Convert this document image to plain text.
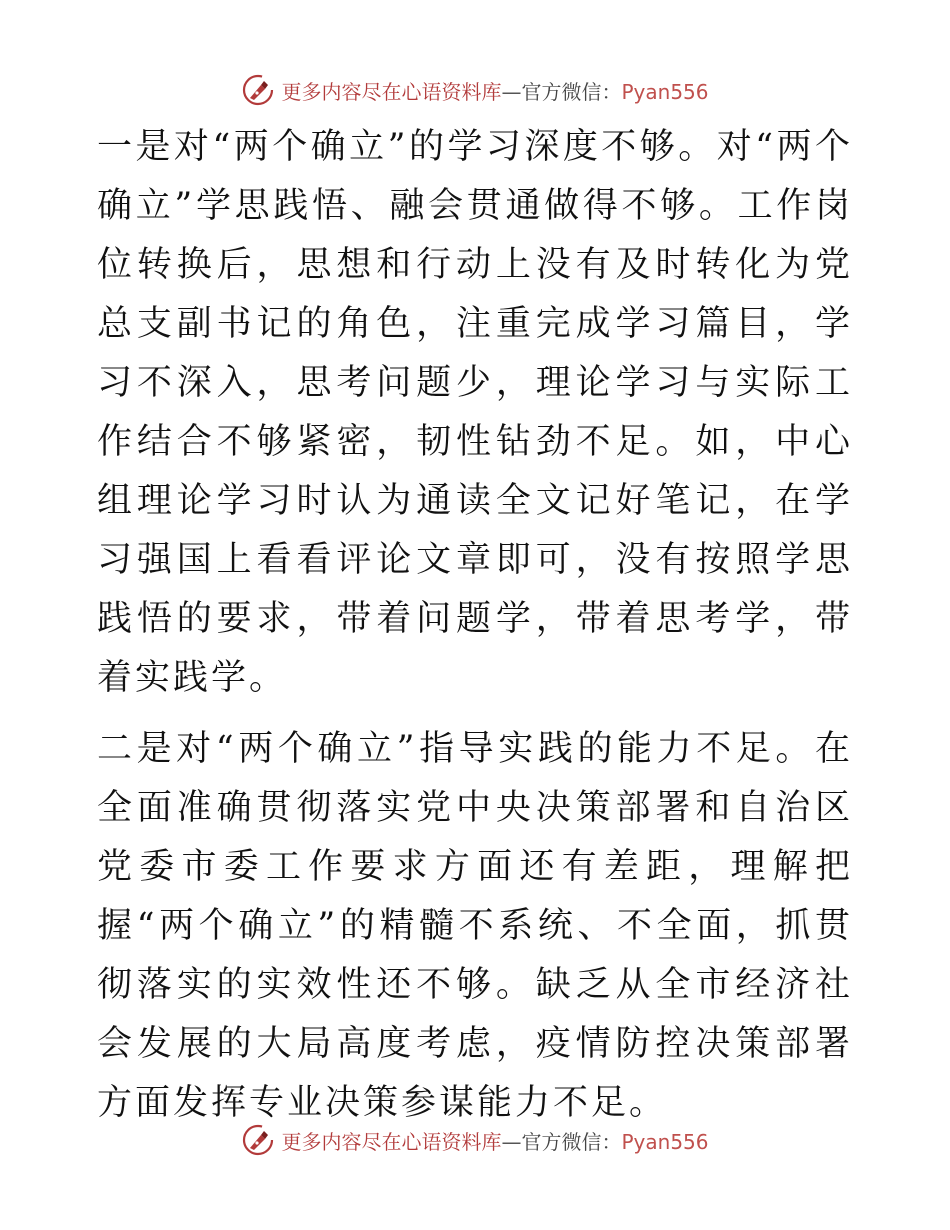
更多内容尽在心语资料库—官方微信：Pyan556

一是对“两个确立”的学习深度不够。对“两个确立”学思践悟、融会贯通做得不够。工作岗位转换后，思想和行动上没有及时转化为党总支副书记的角色，注重完成学习篇目，学习不深入，思考问题少，理论学习与实际工作结合不够紧密，韧性钻劲不足。如，中心组理论学习时认为通读全文记好笔记，在学习强国上看看评论文章即可，没有按照学思践悟的要求，带着问题学，带着思考学，带着实践学。

二是对“两个确立”指导实践的能力不足。在全面准确贯彻落实党中央决策部署和自治区党委市委工作要求方面还有差距，理解把握“两个确立”的精髓不系统、不全面，抓贯彻落实的实效性还不够。缺乏从全市经济社会发展的大局高度考虑，疫情防控决策部署方面发挥专业决策参谋能力不足。

更多内容尽在心语资料库—官方微信：Pyan556
